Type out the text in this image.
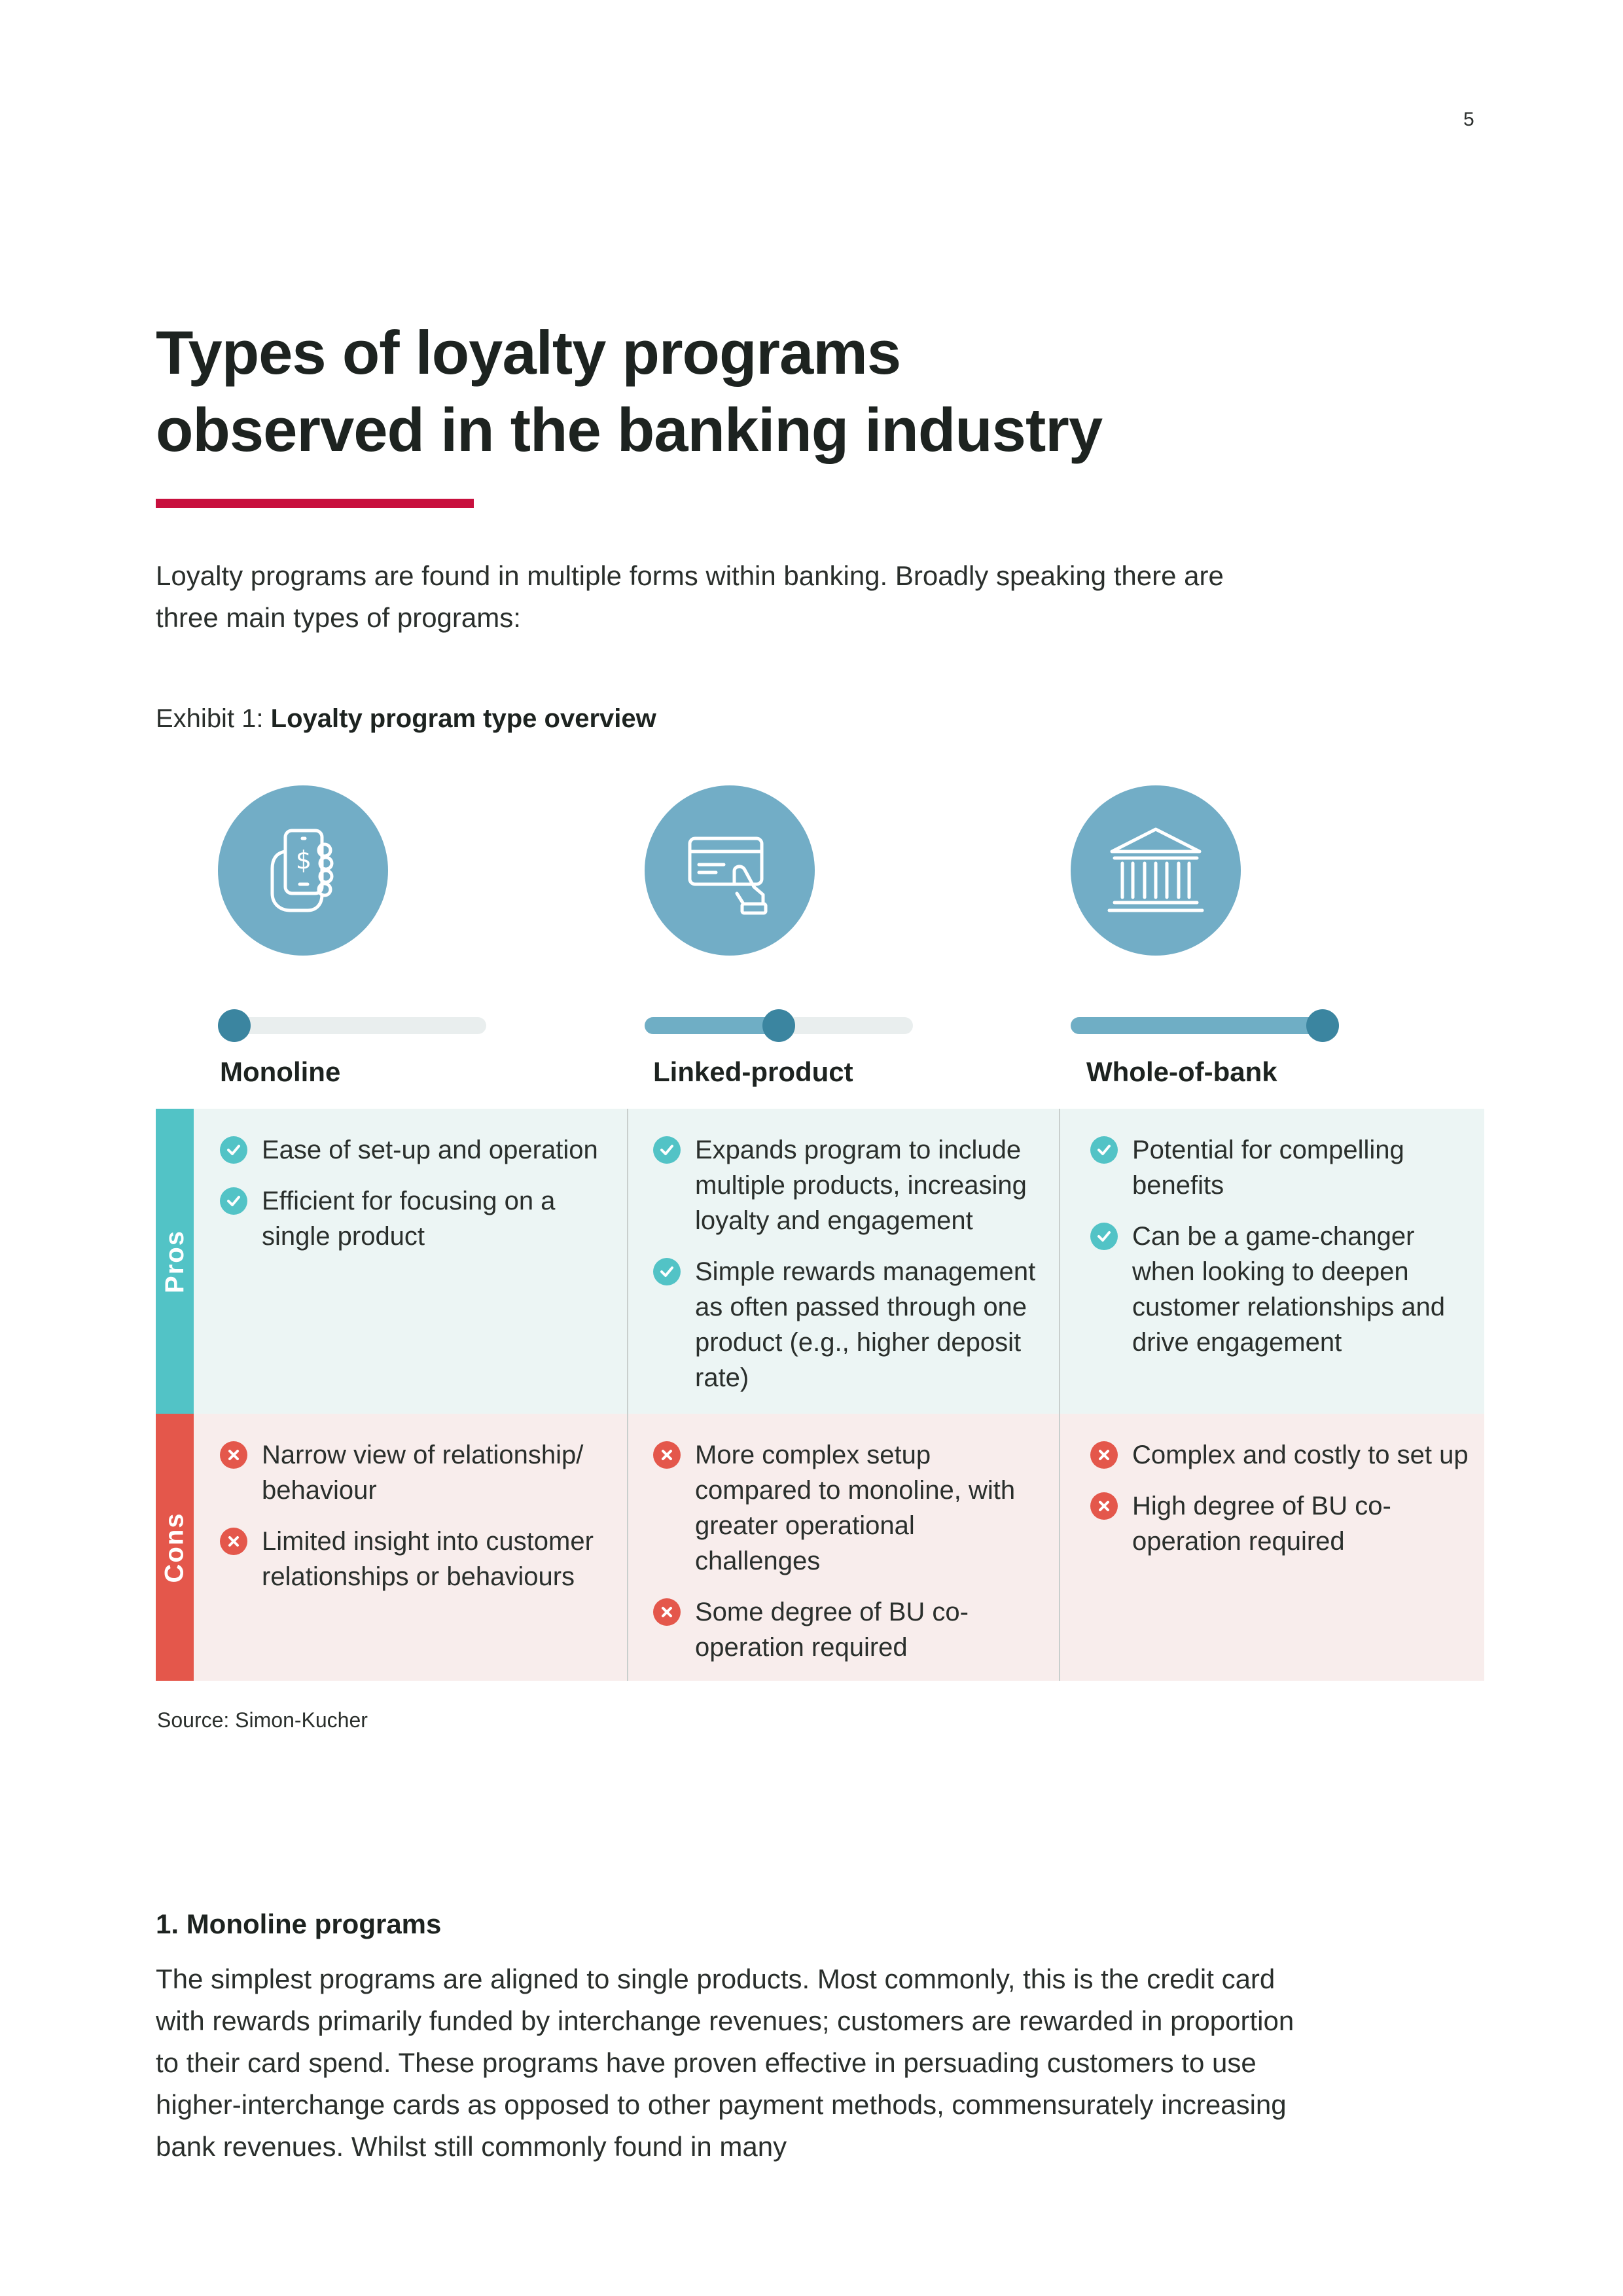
5
Types of loyalty programs
observed in the banking industry

Loyalty programs are found in multiple forms within banking. Broadly speaking there are three main types of programs:

Exhibit 1: Loyalty program type overview
$
Monoline	Linked-product	Whole-of-bank
Pros
Cons
Ease of set-up and operation
Efficient for focusing on a single product
Expands program to include multiple products, increasing loyalty and engagement
Simple rewards management as often passed through one product (e.g., higher deposit rate)
Potential for compelling benefits
Can be a game-changer when looking to deepen customer relationships and drive engagement
Narrow view of relationship/ behaviour
Limited insight into customer relationships or behaviours
More complex setup compared to monoline, with greater operational challenges
Some degree of BU co-operation required
Complex and costly to set up
High degree of BU co-operation required
Source: Simon-Kucher
1. Monoline programs

The simplest programs are aligned to single products. Most commonly, this is the credit card with rewards primarily funded by interchange revenues; customers are rewarded in proportion to their card spend. These programs have proven effective in persuading customers to use higher-interchange cards as opposed to other payment methods, commensurately increasing bank revenues. Whilst still commonly found in many
